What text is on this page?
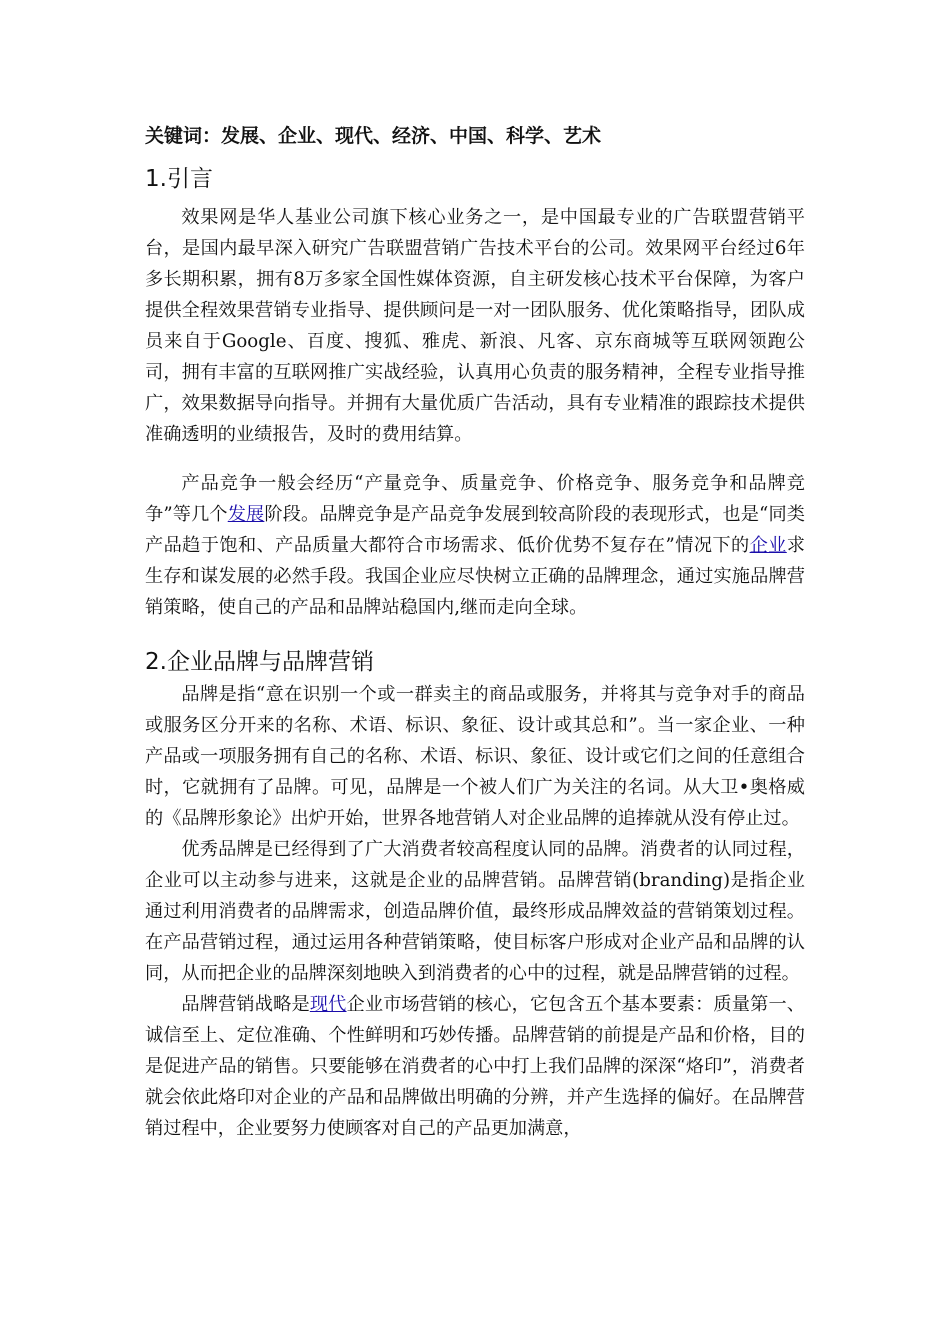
关键词：发展、企业、现代、经济、中国、科学、艺术
1.引言

效果网是华人基业公司旗下核心业务之一，是中国最专业的广告联盟营销平台，是国内最早深入研究广告联盟营销广告技术平台的公司。效果网平台经过6年多长期积累，拥有8万多家全国性媒体资源，自主研发核心技术平台保障，为客户提供全程效果营销专业指导、提供顾问是一对一团队服务、优化策略指导，团队成员来自于Google、百度、搜狐、雅虎、新浪、凡客、京东商城等互联网领跑公司，拥有丰富的互联网推广实战经验，认真用心负责的服务精神，全程专业指导推广，效果数据导向指导。并拥有大量优质广告活动，具有专业精准的跟踪技术提供准确透明的业绩报告，及时的费用结算。

产品竞争一般会经历“产量竞争、质量竞争、价格竞争、服务竞争和品牌竞争”等几个发展阶段。品牌竞争是产品竞争发展到较高阶段的表现形式，也是“同类产品趋于饱和、产品质量大都符合市场需求、低价优势不复存在”情况下的企业求生存和谋发展的必然手段。我国企业应尽快树立正确的品牌理念，通过实施品牌营销策略，使自己的产品和品牌站稳国内,继而走向全球。

2.企业品牌与品牌营销

品牌是指“意在识别一个或一群卖主的商品或服务，并将其与竞争对手的商品或服务区分开来的名称、术语、标识、象征、设计或其总和”。当一家企业、一种产品或一项服务拥有自己的名称、术语、标识、象征、设计或它们之间的任意组合时，它就拥有了品牌。可见，品牌是一个被人们广为关注的名词。从大卫•奥格威的《品牌形象论》出炉开始，世界各地营销人对企业品牌的追捧就从没有停止过。

优秀品牌是已经得到了广大消费者较高程度认同的品牌。消费者的认同过程，企业可以主动参与进来，这就是企业的品牌营销。品牌营销(branding)是指企业通过利用消费者的品牌需求，创造品牌价值，最终形成品牌效益的营销策划过程。在产品营销过程，通过运用各种营销策略，使目标客户形成对企业产品和品牌的认同，从而把企业的品牌深刻地映入到消费者的心中的过程，就是品牌营销的过程。

品牌营销战略是现代企业市场营销的核心，它包含五个基本要素：质量第一、诚信至上、定位准确、个性鲜明和巧妙传播。品牌营销的前提是产品和价格，目的是促进产品的销售。只要能够在消费者的心中打上我们品牌的深深“烙印”，消费者就会依此烙印对企业的产品和品牌做出明确的分辨，并产生选择的偏好。在品牌营销过程中，企业要努力使顾客对自己的产品更加满意，
